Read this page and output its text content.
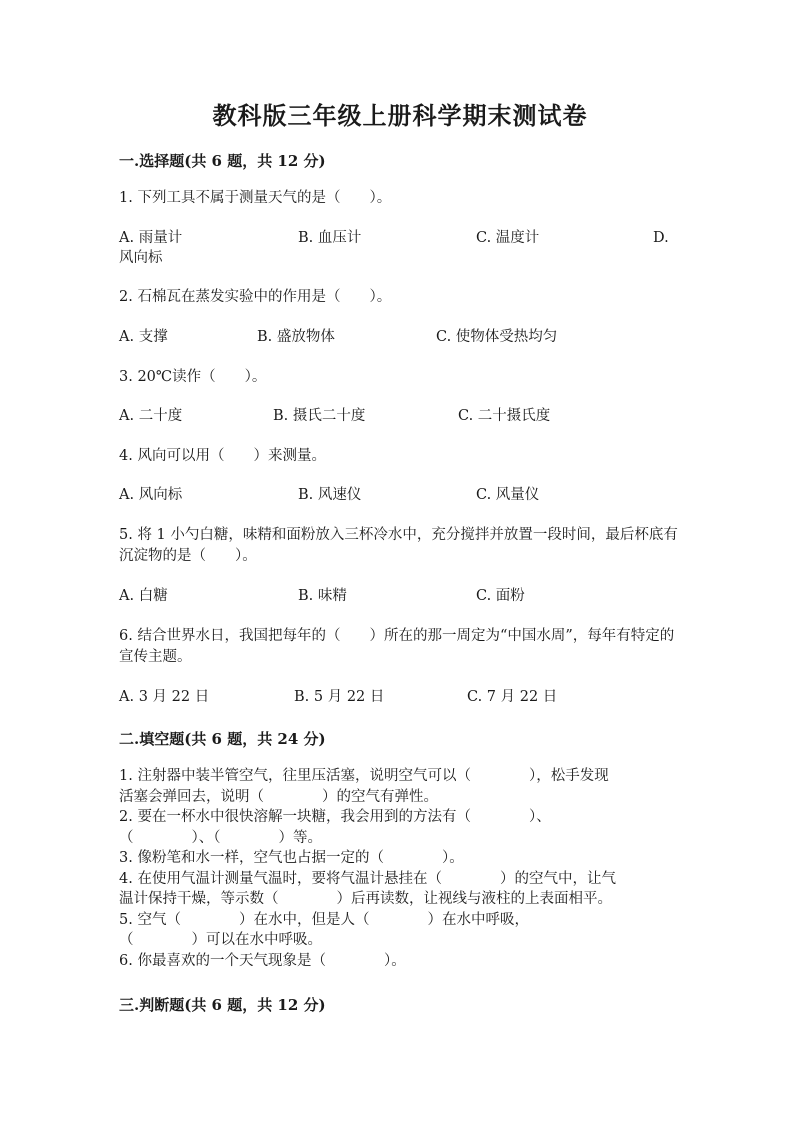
教科版三年级上册科学期末测试卷
一.选择题(共 6 题，共 12 分)
1. 下列工具不属于测量天气的是（　　）。
A. 雨量计	B. 血压计	C. 温度计	D.
风向标
2. 石棉瓦在蒸发实验中的作用是（　　）。
A. 支撑	B. 盛放物体	C. 使物体受热均匀
3. 20℃读作（　　）。
A. 二十度	B. 摄氏二十度	C. 二十摄氏度
4. 风向可以用（　　）来测量。
A. 风向标	B. 风速仪	C. 风量仪
5. 将 1 小勺白糖，味精和面粉放入三杯冷水中，充分搅拌并放置一段时间，最后杯底有沉淀物的是（　　）。
A. 白糖	B. 味精	C. 面粉
6. 结合世界水日，我国把每年的（　　）所在的那一周定为“中国水周”，每年有特定的宣传主题。
A. 3 月 22 日	B. 5 月 22 日	C. 7 月 22 日
二.填空题(共 6 题，共 24 分)
1. 注射器中装半管空气，往里压活塞，说明空气可以（　　　　），松手发现
活塞会弹回去，说明（　　　　）的空气有弹性。
2. 要在一杯水中很快溶解一块糖，我会用到的方法有（　　　　）、
（　　　　）、（　　　　）等。
3. 像粉笔和水一样，空气也占据一定的（　　　　）。
4. 在使用气温计测量气温时，要将气温计悬挂在（　　　　）的空气中，让气
温计保持干燥，等示数（　　　　）后再读数，让视线与液柱的上表面相平。
5. 空气（　　　　）在水中，但是人（　　　　）在水中呼吸，
（　　　　）可以在水中呼吸。
6. 你最喜欢的一个天气现象是（　　　　）。
三.判断题(共 6 题，共 12 分)
